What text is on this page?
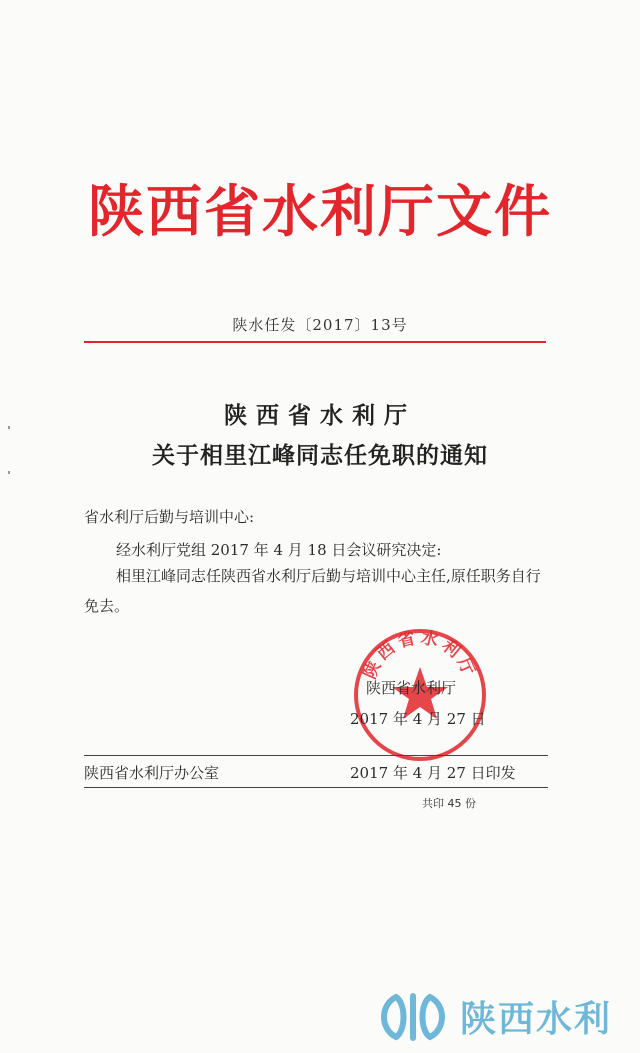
陕西省水利厅文件
陕水任发〔2017〕13号
陕西省水利厅
关于相里江峰同志任免职的通知
省水利厅后勤与培训中心:
经水利厅党组 2017 年 4 月 18 日会议研究决定:
相里江峰同志任陕西省水利厅后勤与培训中心主任,原任职务自行免去。
陕西省水利厅
陕西省水利厅
2017 年 4 月 27 日
陕西省水利厅办公室	2017 年 4 月 27 日印发
共印 45 份
陕西水利
